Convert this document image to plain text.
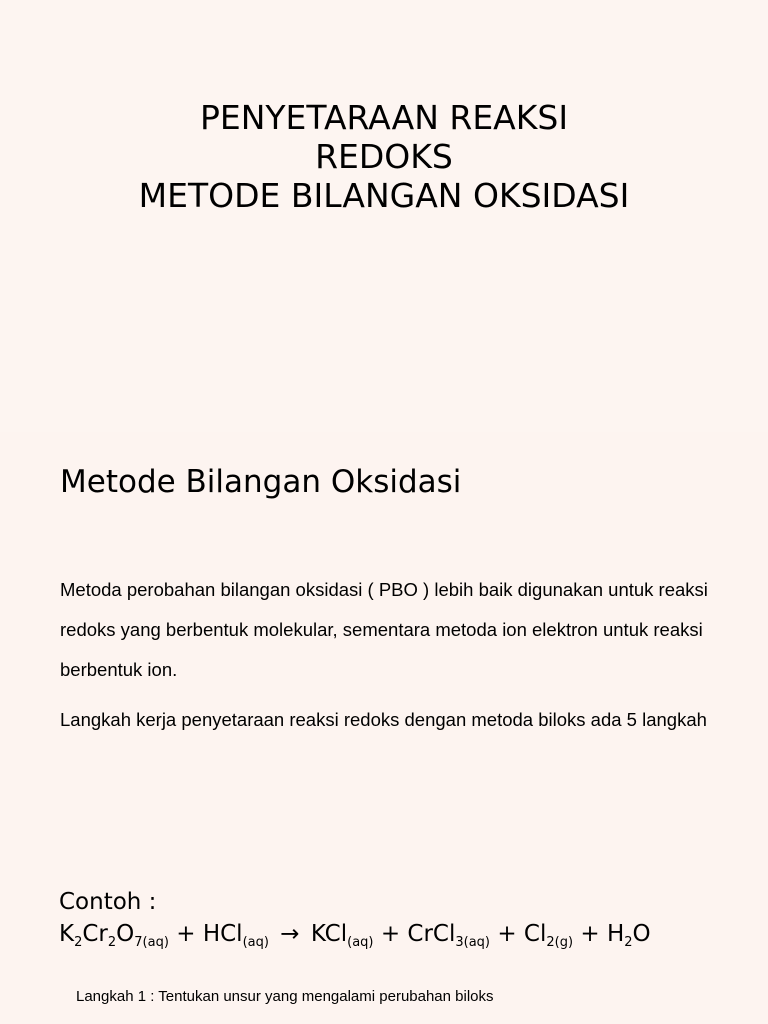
PENYETARAAN REAKSI
REDOKS
METODE BILANGAN OKSIDASI
Metode Bilangan Oksidasi
Metoda perobahan bilangan oksidasi ( PBO ) lebih baik digunakan untuk reaksi redoks yang berbentuk molekular, sementara metoda ion elektron untuk reaksi berbentuk ion.
Langkah kerja penyetaraan reaksi redoks dengan metoda biloks ada 5 langkah
Contoh :
$K_2Cr_2O_{7(aq)} + HCl_{(aq)} \to KCl_{(aq)}$ + CrCl$_{3(aq)}$ + $Cl_{2(g)} + H_2O$
Langkah 1 : Tentukan unsur yang mengalami perubahan biloks
